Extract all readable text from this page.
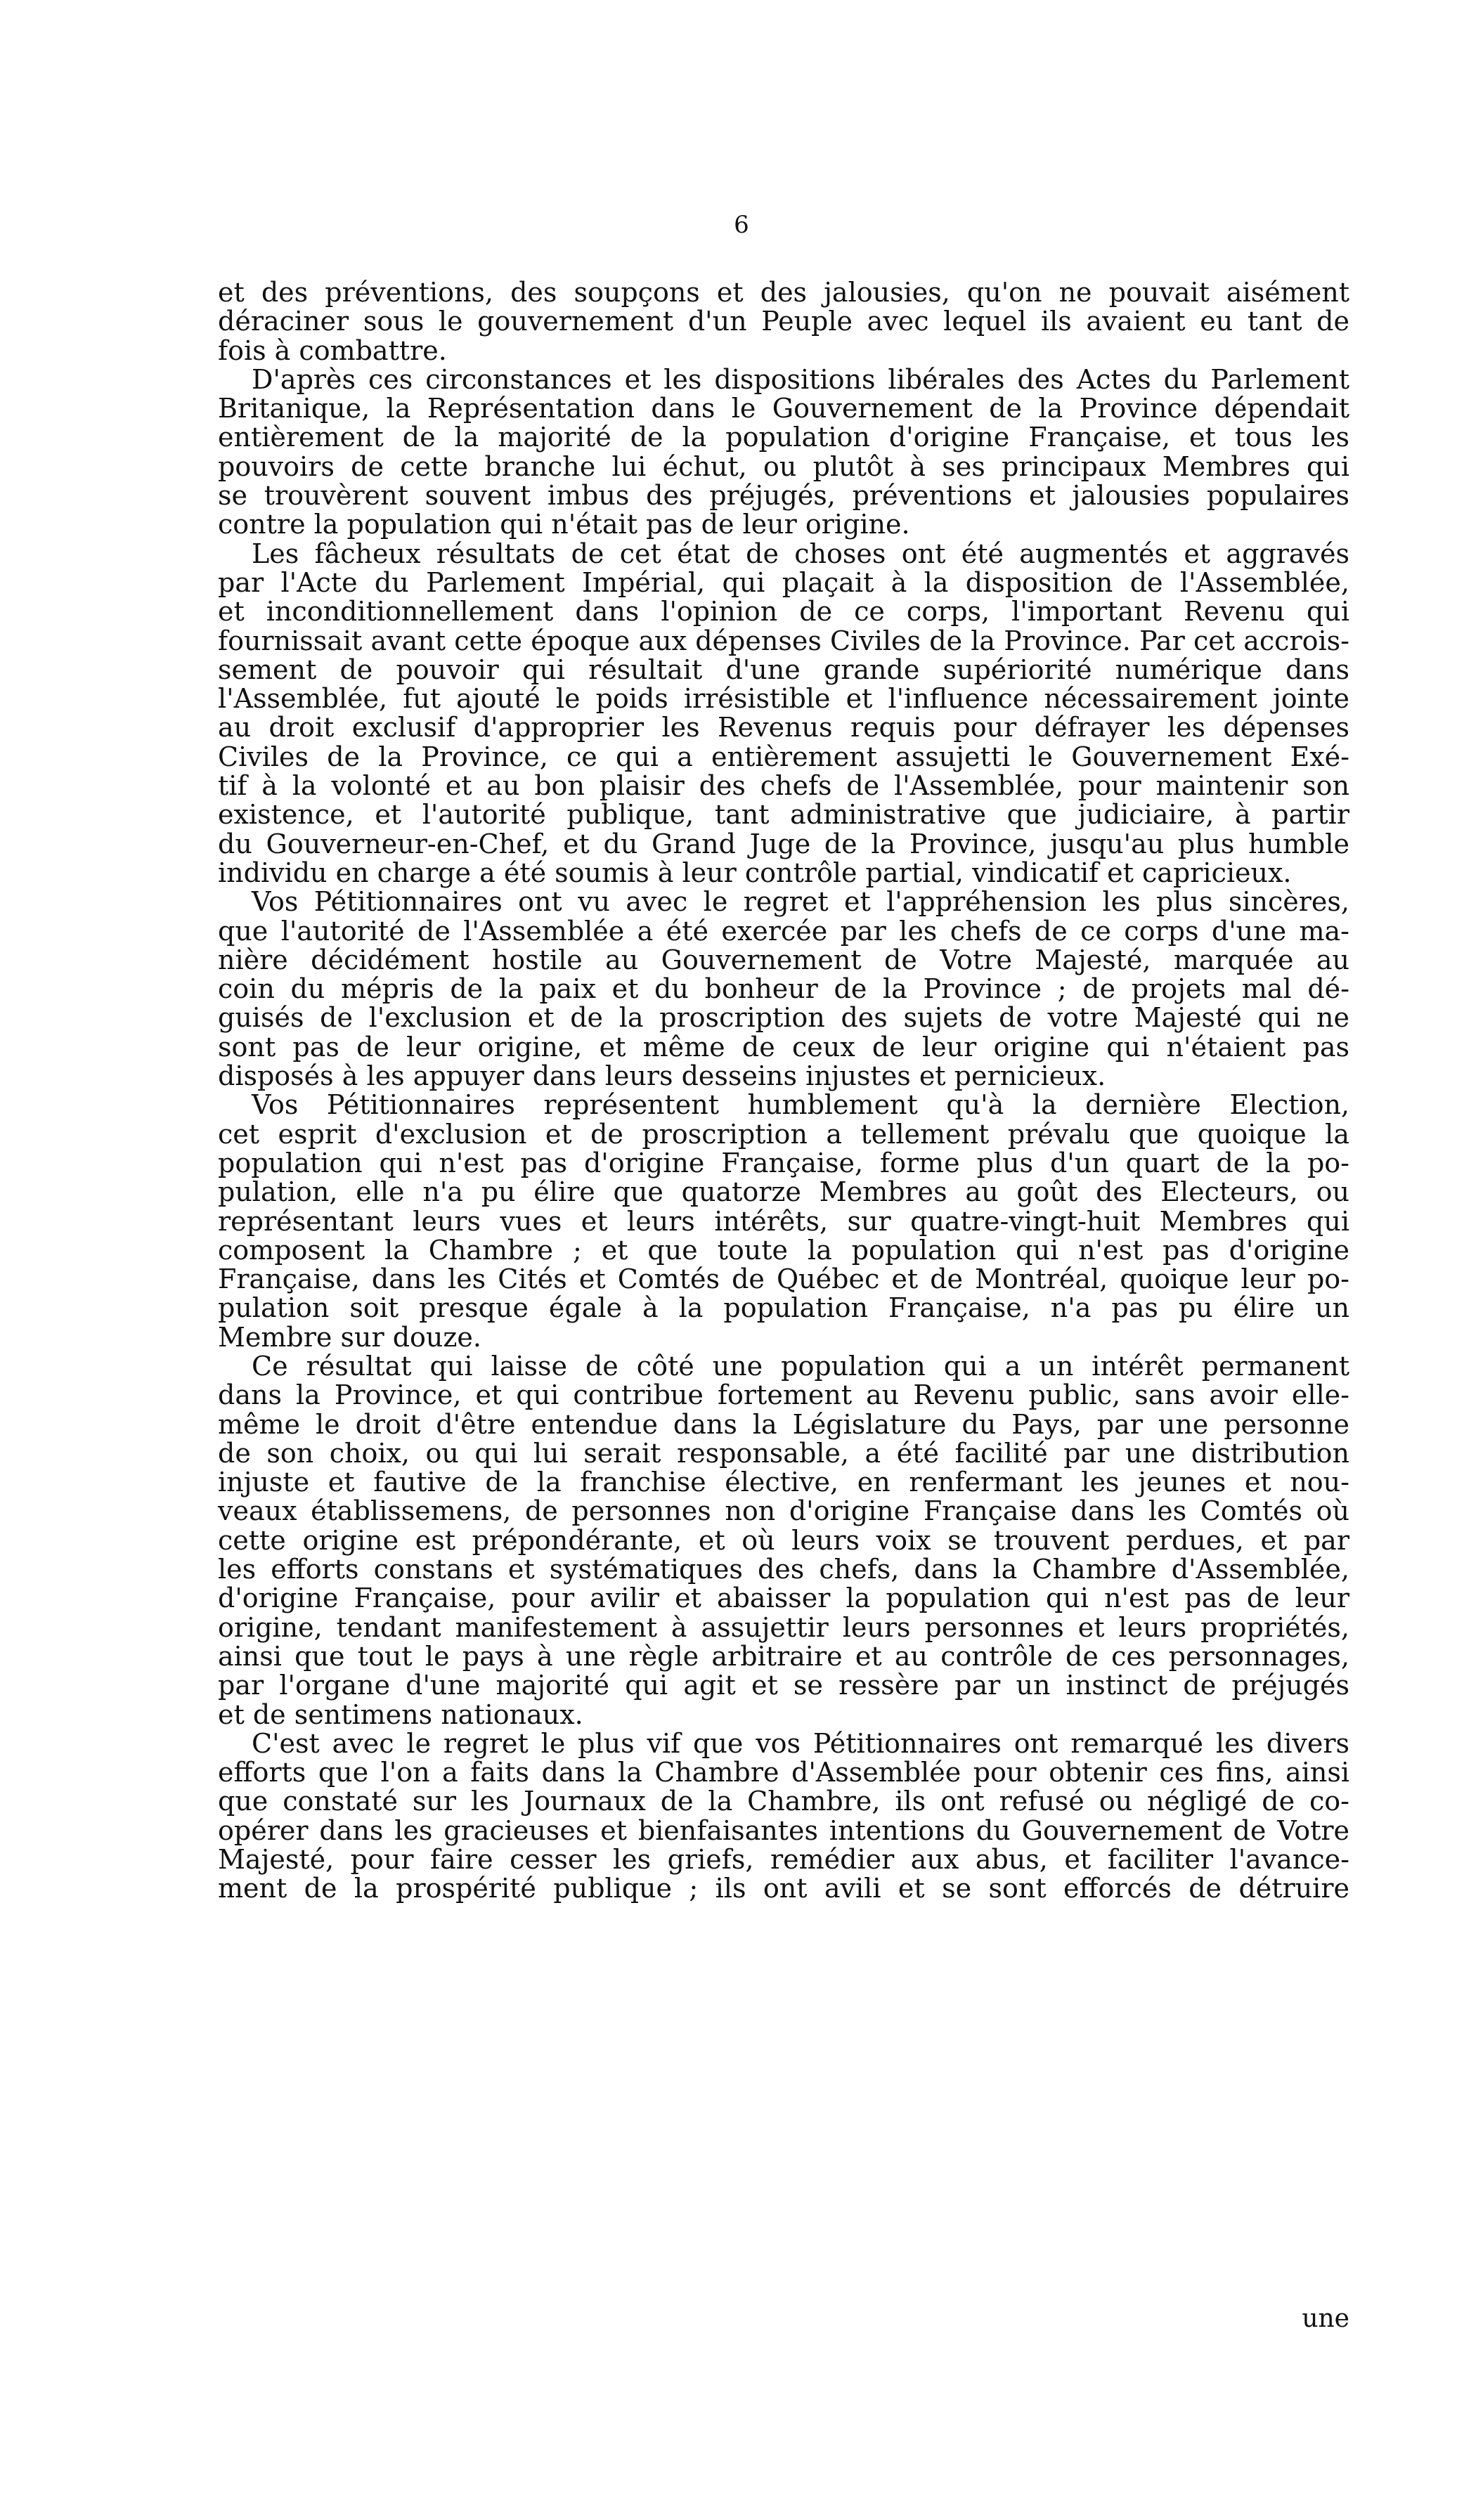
6
et des préventions, des soupçons et des jalousies, qu'on ne pouvait aisément
déraciner sous le gouvernement d'un Peuple avec lequel ils avaient eu tant de
fois à combattre.
D'après ces circonstances et les dispositions libérales des Actes du Parlement
Britanique, la Représentation dans le Gouvernement de la Province dépendait
entièrement de la majorité de la population d'origine Française, et tous les
pouvoirs de cette branche lui échut, ou plutôt à ses principaux Membres qui
se trouvèrent souvent imbus des préjugés, préventions et jalousies populaires
contre la population qui n'était pas de leur origine.
Les fâcheux résultats de cet état de choses ont été augmentés et aggravés
par l'Acte du Parlement Impérial, qui plaçait à la disposition de l'Assemblée,
et inconditionnellement dans l'opinion de ce corps, l'important Revenu qui
fournissait avant cette époque aux dépenses Civiles de la Province. Par cet accrois-
sement de pouvoir qui résultait d'une grande supériorité numérique dans
l'Assemblée, fut ajouté le poids irrésistible et l'influence nécessairement jointe
au droit exclusif d'approprier les Revenus requis pour défrayer les dépenses
Civiles de la Province, ce qui a entièrement assujetti le Gouvernement Exé-
tif à la volonté et au bon plaisir des chefs de l'Assemblée, pour maintenir son
existence, et l'autorité publique, tant administrative que judiciaire, à partir
du Gouverneur-en-Chef, et du Grand Juge de la Province, jusqu'au plus humble
individu en charge a été soumis à leur contrôle partial, vindicatif et capricieux.
Vos Pétitionnaires ont vu avec le regret et l'appréhension les plus sincères,
que l'autorité de l'Assemblée a été exercée par les chefs de ce corps d'une ma-
nière décidément hostile au Gouvernement de Votre Majesté, marquée au
coin du mépris de la paix et du bonheur de la Province ; de projets mal dé-
guisés de l'exclusion et de la proscription des sujets de votre Majesté qui ne
sont pas de leur origine, et même de ceux de leur origine qui n'étaient pas
disposés à les appuyer dans leurs desseins injustes et pernicieux.
Vos Pétitionnaires représentent humblement qu'à la dernière Election,
cet esprit d'exclusion et de proscription a tellement prévalu que quoique la
population qui n'est pas d'origine Française, forme plus d'un quart de la po-
pulation, elle n'a pu élire que quatorze Membres au goût des Electeurs, ou
représentant leurs vues et leurs intérêts, sur quatre-vingt-huit Membres qui
composent la Chambre ; et que toute la population qui n'est pas d'origine
Française, dans les Cités et Comtés de Québec et de Montréal, quoique leur po-
pulation soit presque égale à la population Française, n'a pas pu élire un
Membre sur douze.
Ce résultat qui laisse de côté une population qui a un intérêt permanent
dans la Province, et qui contribue fortement au Revenu public, sans avoir elle-
même le droit d'être entendue dans la Législature du Pays, par une personne
de son choix, ou qui lui serait responsable, a été facilité par une distribution
injuste et fautive de la franchise élective, en renfermant les jeunes et nou-
veaux établissemens, de personnes non d'origine Française dans les Comtés où
cette origine est prépondérante, et où leurs voix se trouvent perdues, et par
les efforts constans et systématiques des chefs, dans la Chambre d'Assemblée,
d'origine Française, pour avilir et abaisser la population qui n'est pas de leur
origine, tendant manifestement à assujettir leurs personnes et leurs propriétés,
ainsi que tout le pays à une règle arbitraire et au contrôle de ces personnages,
par l'organe d'une majorité qui agit et se ressère par un instinct de préjugés
et de sentimens nationaux.
C'est avec le regret le plus vif que vos Pétitionnaires ont remarqué les divers
efforts que l'on a faits dans la Chambre d'Assemblée pour obtenir ces fins, ainsi
que constaté sur les Journaux de la Chambre, ils ont refusé ou négligé de co-
opérer dans les gracieuses et bienfaisantes intentions du Gouvernement de Votre
Majesté, pour faire cesser les griefs, remédier aux abus, et faciliter l'avance-
ment de la prospérité publique ; ils ont avili et se sont efforcés de détruire
une
